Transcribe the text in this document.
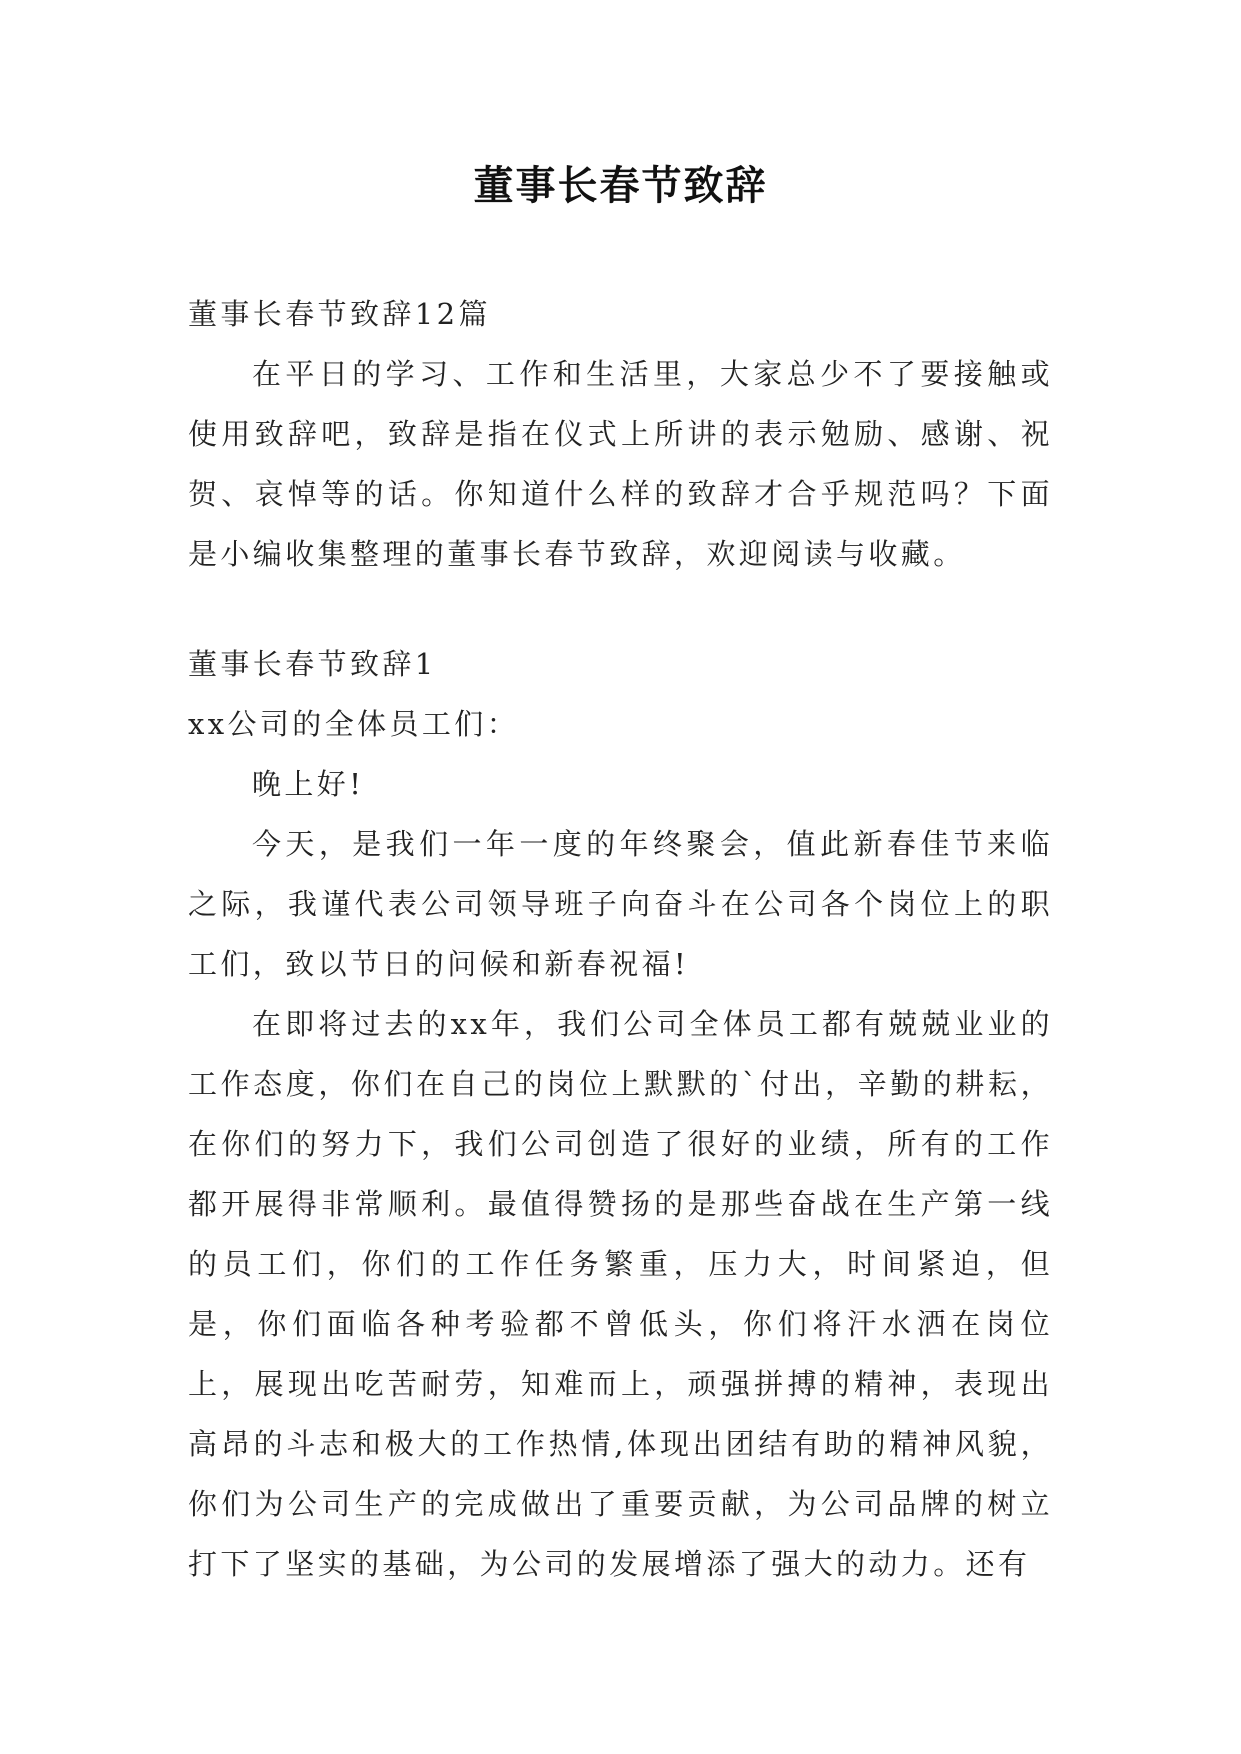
董事长春节致辞

董事长春节致辞12篇

在平日的学习、工作和生活里，大家总少不了要接触或使用致辞吧，致辞是指在仪式上所讲的表示勉励、感谢、祝贺、哀悼等的话。你知道什么样的致辞才合乎规范吗？下面是小编收集整理的董事长春节致辞，欢迎阅读与收藏。

董事长春节致辞1

xx公司的全体员工们：

晚上好!

今天，是我们一年一度的年终聚会，值此新春佳节来临之际，我谨代表公司领导班子向奋斗在公司各个岗位上的职工们，致以节日的问候和新春祝福!

在即将过去的xx年，我们公司全体员工都有兢兢业业的工作态度，你们在自己的岗位上默默的`付出，辛勤的耕耘，在你们的努力下，我们公司创造了很好的业绩，所有的工作都开展得非常顺利。最值得赞扬的是那些奋战在生产第一线的员工们，你们的工作任务繁重，压力大，时间紧迫，但是，你们面临各种考验都不曾低头，你们将汗水洒在岗位上，展现出吃苦耐劳，知难而上，顽强拼搏的精神，表现出高昂的斗志和极大的工作热情,体现出团结有助的精神风貌，你们为公司生产的完成做出了重要贡献，为公司品牌的树立打下了坚实的基础，为公司的发展增添了强大的动力。还有
